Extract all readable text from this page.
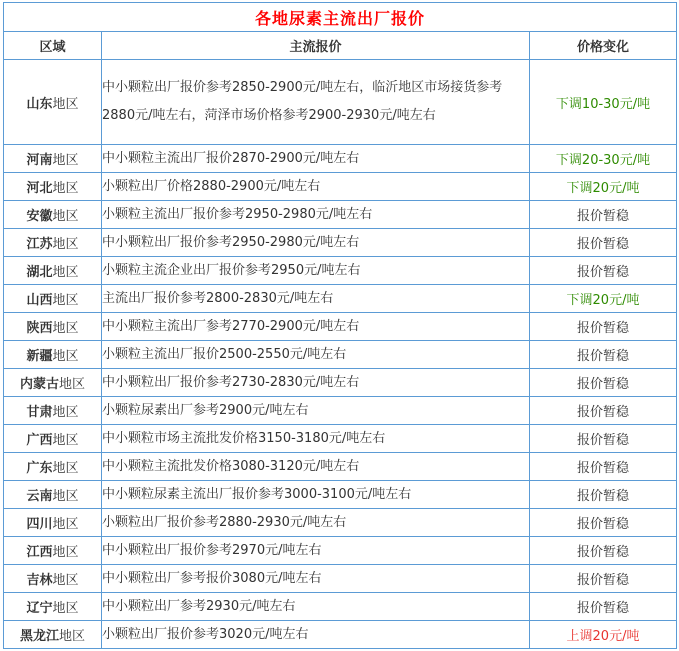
各地尿素主流出厂报价		
区域	主流报价	价格变化
山东地区	中小颗粒出厂报价参考2850-2900元/吨左右，临沂地区市场接货参考2880元/吨左右，菏泽市场价格参考2900-2930元/吨左右	下调10-30元/吨
河南地区	中小颗粒主流出厂报价2870-2900元/吨左右	下调20-30元/吨
河北地区	小颗粒出厂价格2880-2900元/吨左右	下调20元/吨
安徽地区	小颗粒主流出厂报价参考2950-2980元/吨左右	报价暂稳
江苏地区	中小颗粒出厂报价参考2950-2980元/吨左右	报价暂稳
湖北地区	小颗粒主流企业出厂报价参考2950元/吨左右	报价暂稳
山西地区	主流出厂报价参考2800-2830元/吨左右	下调20元/吨
陕西地区	中小颗粒主流出厂参考2770-2900元/吨左右	报价暂稳
新疆地区	小颗粒主流出厂报价2500-2550元/吨左右	报价暂稳
内蒙古地区	中小颗粒出厂报价参考2730-2830元/吨左右	报价暂稳
甘肃地区	小颗粒尿素出厂参考2900元/吨左右	报价暂稳
广西地区	中小颗粒市场主流批发价格3150-3180元/吨左右	报价暂稳
广东地区	中小颗粒主流批发价格3080-3120元/吨左右	报价暂稳
云南地区	中小颗粒尿素主流出厂报价参考3000-3100元/吨左右	报价暂稳
四川地区	小颗粒出厂报价参考2880-2930元/吨左右	报价暂稳
江西地区	中小颗粒出厂报价参考2970元/吨左右	报价暂稳
吉林地区	中小颗粒出厂参考报价3080元/吨左右	报价暂稳
辽宁地区	中小颗粒出厂参考2930元/吨左右	报价暂稳
黑龙江地区	小颗粒出厂报价参考3020元/吨左右	上调20元/吨
